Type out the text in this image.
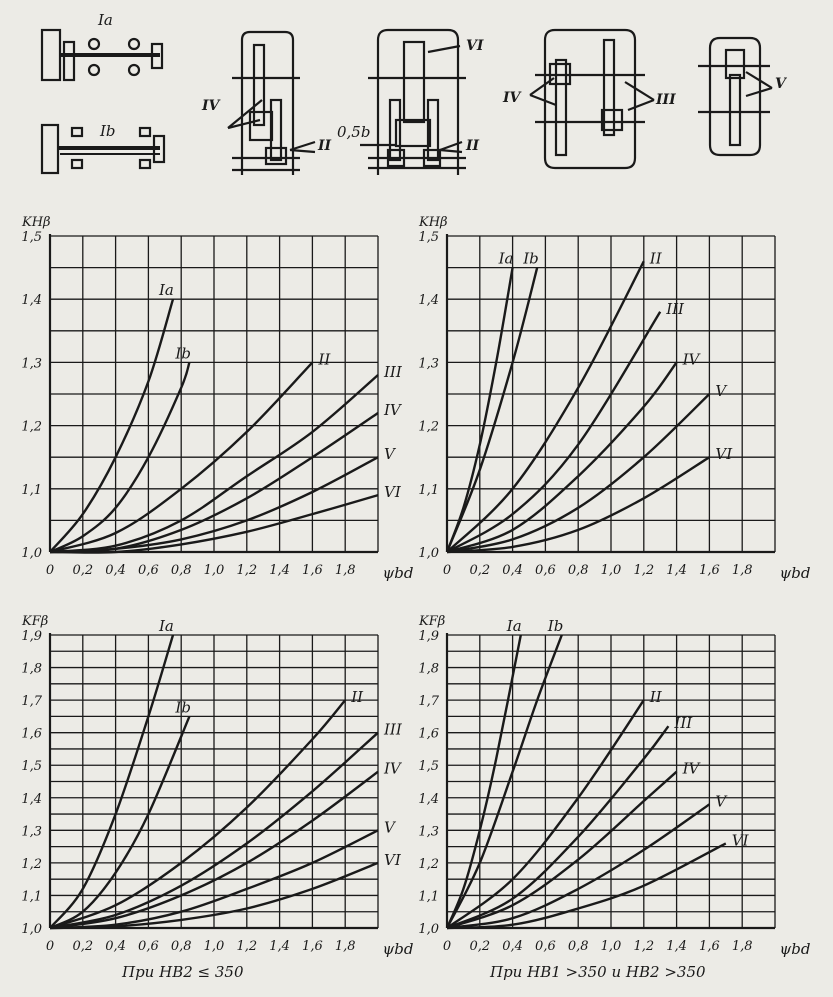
Ia
Ib
IV
II
VI
0,5b
II
IV	III
V
0 0,2 0,4 0,6 0,8 1,0 1,2 1,4 1,6 1,8 ψbd
1,0
1,1
1,2
1,3
1,4
1,5
KHβ
Ia
Ib	II
III
IV
V
VI
0 0,2 0,4 0,6 0,8 1,0 1,2 1,4 1,6 1,8 ψbd
1,0
1,1
1,2
1,3
1,4
1,5
KHβ
Ia Ib	II
III
IV
V
VI
0 0,2 0,4 0,6 0,8 1,0 1,2 1,4 1,6 1,8 ψbd
1,0
1,1
1,2
1,3
1,4
1,5
1,6
1,7
1,8
1,9
KFβ	Ia
Ib
II
III
IV
V
VI
0 0,2 0,4 0,6 0,8 1,0 1,2 1,4 1,6 1,8 ψbd
1,0
1,1
1,2
1,3
1,4
1,5
1,6
1,7
1,8
1,9
KFβ	Ia Ib
II
III
IV
V
VI
При HB2 ≤ 350	При HB1 >350 и HB2 >350
